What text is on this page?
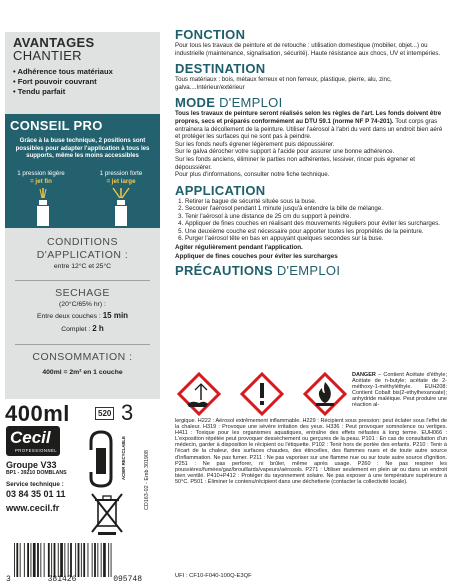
AVANTAGES
CHANTIER
• Adhérence tous matériaux
• Fort pouvoir couvrant
• Tendu parfait
CONSEIL PRO
Grâce à la buse technique, 2 positions sont possibles pour adapter l'application à tous les supports, même les moins accessibles
1 pression légère
= jet fin
1 pression forte
= jet large
CONDITIONS
D'APPLICATION :
entre 12°C et 25°C
SECHAGE
(20°C/65% hr) :
Entre deux couches : 15 min
Complet : 2 h
CONSOMMATION :
400ml = 2m² en 1 couche
400ml	520 3
Cecil
PROFESSIONNEL
Groupe V33
BP1 - 39210 DOMBLANS
Service technique :
03 84 35 01 11
www.cecil.fr
ACIER RECYCLABLE	CD163-02 - Emb 301908
3	381426	095748
FONCTION
Pour tous les travaux de peinture et de retouche : utilisation domestique (mobilier, objet...) ou industrielle (maintenance, signalisation, sécurité). Haute résistance aux chocs, UV et intempéries.
DESTINATION
Tous matériaux : bois, métaux ferreux et non ferreux, plastique, pierre, alu, zinc, galva....Intérieur/extérieur
MODE D'EMPLOI
Tous les travaux de peinture seront réalisés selon les règles de l'art. Les fonds doivent être propres, secs et préparés conformément au DTU 59.1 (norme NF P 74-201). Tout corps gras entrainera la décollement de la peinture. Utiliser l'aérosol à l'abri du vent dans un endroit bien aéré et protéger les surfaces qui ne sont pas à peindre.
Sur les fonds neufs égrener légèrement puis dépoussiérer.
Sur le galva dérocher votre support à l'acide pour assurer une bonne adhérence.
Sur les fonds anciens, éliminer le parties non adhérentes, lessiver, rincer puis égrener et dépoussiérer.
Pour plus d'informations, consulter notre fiche technique.
APPLICATION
1. Retirer la bague de sécurité située sous la buse.
2. Secouer l'aérosol pendant 1 minute jusqu'à entendre la bille de mélange.
3. Tenir l'aérosol à une distance de 25 cm du support à peindre.
4. Appliquer de fines couches en réalisant des mouvements réguliers pour éviter les surcharges.
5. Une deuxième couche est nécessaire pour apporter toutes les propriétés de la peinture.
6. Purger l'aérosol tête en bas en appuyant quelques secondes sur la buse.
Agiter régulièrement pendant l'application.
Appliquer de fines couches pour éviter les surcharges
PRÉCAUTIONS D'EMPLOI
DANGER – Contient Acétate d'éthyle; Acétate de n-butyle; acétate de 2-méthoxy-1-méthyléthyle. EUH208: Contient Cobalt bis(2-ethylhexanoate); anhydride maléique. Peut produire une réaction al-
lergique. H222 : Aérosol extrêmement inflammable. H229 : Récipient sous pression: peut éclater sous l'effet de la chaleur. H319 : Provoque une sévère irritation des yeux. H336 : Peut provoquer somnolence ou vertiges. H411 : Toxique pour les organismes aquatiques, entraîne des effets néfastes à long terme. EUH066 : L'exposition répétée peut provoquer dessèchement ou gerçures de la peau. P101 : En cas de consultation d'un médecin, garder à disposition le récipient ou l'étiquette. P102 : Tenir hors de portée des enfants. P210 : Tenir à l'écart de la chaleur, des surfaces chaudes, des étincelles, des flammes nues et de toute autre source d'inflammation. Ne pas fumer. P211 : Ne pas vaporiser sur une flamme nue ou sur toute autre source d'ignition. P251 : Ne pas perforer, ni brûler, même après usage. P260 : Ne pas respirer les poussières/fumées/gaz/brouillards/vapeurs/aérosols. P271 : Utiliser seulement en plein air ou dans un endroit bien ventilé. P410+P412 : Protéger du rayonnement solaire. Ne pas exposer à une température supérieure à 50°C. P501 : Éliminer le contenu/récipient dans une déchetterie (contacter la collectivité locale).
UFI : CF10-F040-100Q-E3QF
